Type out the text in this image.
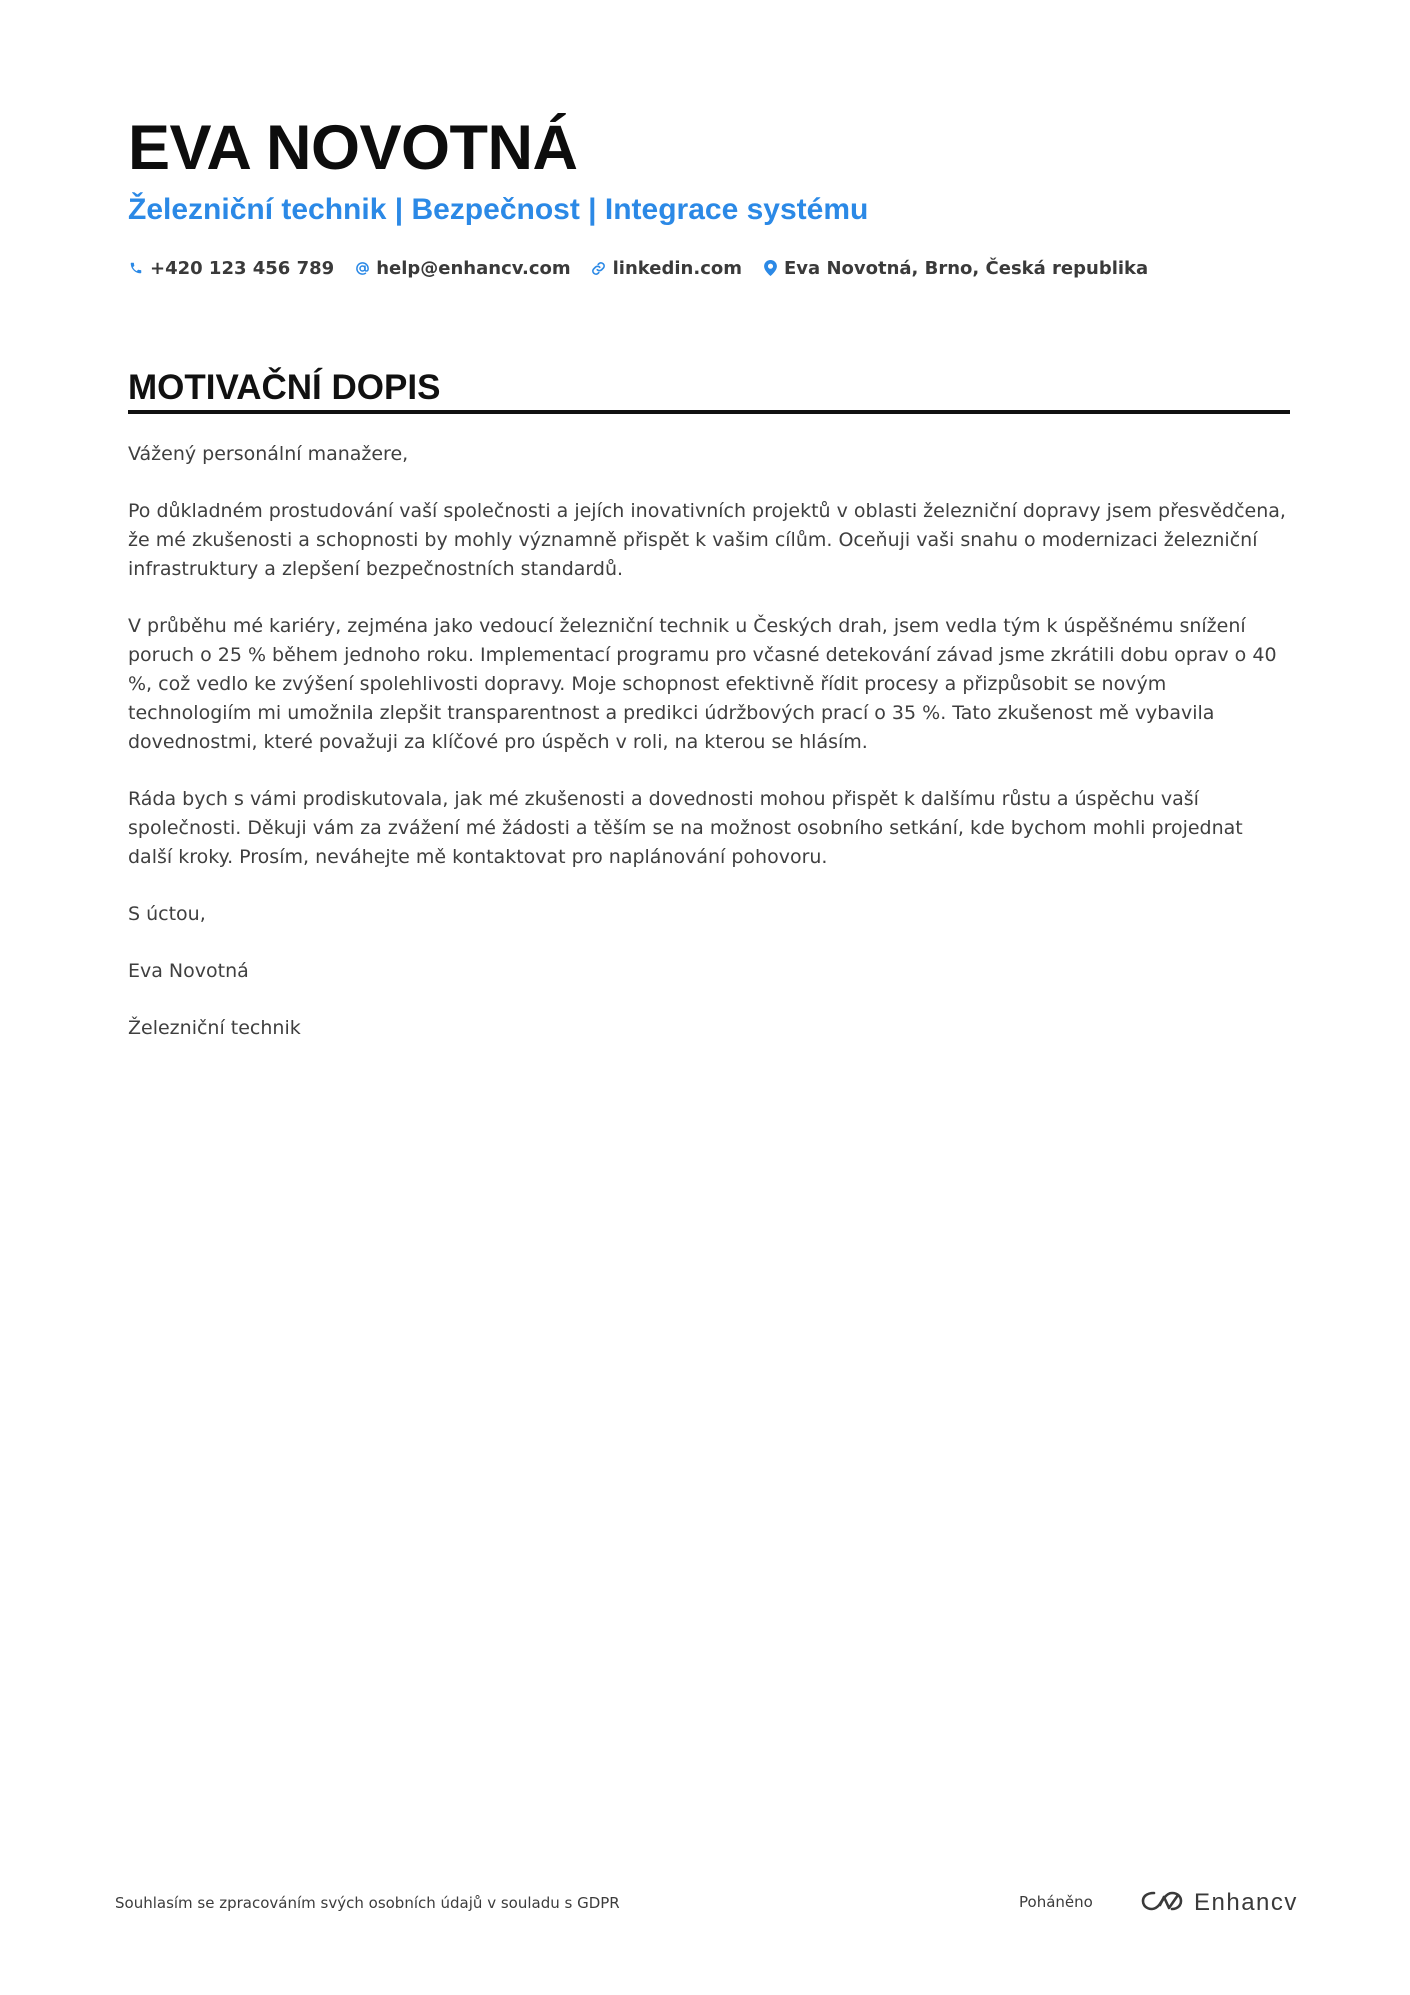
EVA NOVOTNÁ
Železniční technik | Bezpečnost | Integrace systému
+420 123 456 789 help@enhancv.com linkedin.com Eva Novotná, Brno, Česká republika
MOTIVAČNÍ DOPIS

Vážený personální manažere,

Po důkladném prostudování vaší společnosti a jejích inovativních projektů v oblasti železniční dopravy jsem přesvědčena, že mé zkušenosti a schopnosti by mohly významně přispět k vašim cílům. Oceňuji vaši snahu o modernizaci železniční infrastruktury a zlepšení bezpečnostních standardů.

V průběhu mé kariéry, zejména jako vedoucí železniční technik u Českých drah, jsem vedla tým k úspěšnému snížení poruch o 25 % během jednoho roku. Implementací programu pro včasné detekování závad jsme zkrátili dobu oprav o 40 %, což vedlo ke zvýšení spolehlivosti dopravy. Moje schopnost efektivně řídit procesy a přizpůsobit se novým technologiím mi umožnila zlepšit transparentnost a predikci údržbových prací o 35 %. Tato zkušenost mě vybavila dovednostmi, které považuji za klíčové pro úspěch v roli, na kterou se hlásím.

Ráda bych s vámi prodiskutovala, jak mé zkušenosti a dovednosti mohou přispět k dalšímu růstu a úspěchu vaší společnosti. Děkuji vám za zvážení mé žádosti a těším se na možnost osobního setkání, kde bychom mohli projednat další kroky. Prosím, neváhejte mě kontaktovat pro naplánování pohovoru.

S úctou,

Eva Novotná

Železniční technik

Souhlasím se zpracováním svých osobních údajů v souladu s GDPR	Poháněno	Enhancv
